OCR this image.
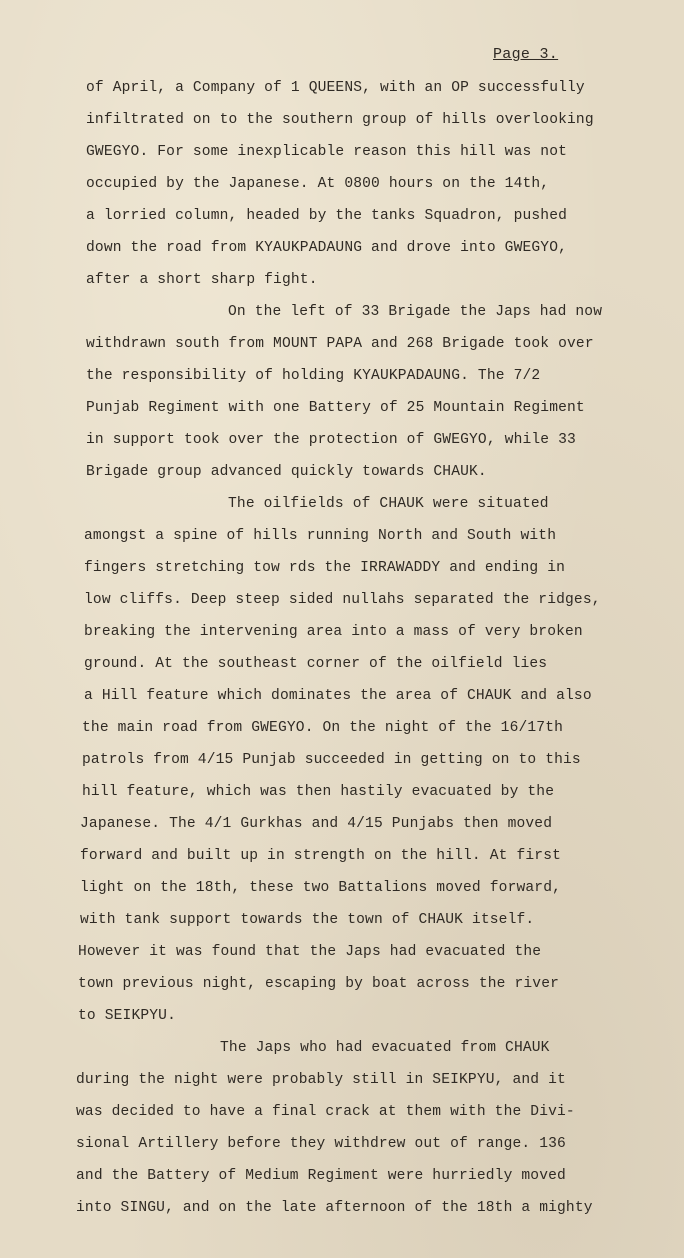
Page 3.
of April, a Company of 1 QUEENS, with an OP successfully
infiltrated on to the southern group of hills overlooking
GWEGYO. For some inexplicable reason this hill was not
occupied by the Japanese. At 0800 hours on the 14th,
a lorried column, headed by the tanks Squadron, pushed
down the road from KYAUKPADAUNG and drove into GWEGYO,
after a short sharp fight.
On the left of 33 Brigade the Japs had now
withdrawn south from MOUNT PAPA and 268 Brigade took over
the responsibility of holding KYAUKPADAUNG. The 7/2
Punjab Regiment with one Battery of 25 Mountain Regiment
in support took over the protection of GWEGYO, while 33
Brigade group advanced quickly towards CHAUK.
The oilfields of CHAUK were situated
amongst a spine of hills running North and South with
fingers stretching tow rds the IRRAWADDY and ending in
low cliffs. Deep steep sided nullahs separated the ridges,
breaking the intervening area into a mass of very broken
ground. At the southeast corner of the oilfield lies
a Hill feature which dominates the area of CHAUK and also
the main road from GWEGYO. On the night of the 16/17th
patrols from 4/15 Punjab succeeded in getting on to this
hill feature, which was then hastily evacuated by the
Japanese. The 4/1 Gurkhas and 4/15 Punjabs then moved
forward and built up in strength on the hill. At first
light on the 18th, these two Battalions moved forward,
with tank support towards the town of CHAUK itself.
However it was found that the Japs had evacuated the
town previous night, escaping by boat across the river
to SEIKPYU.
The Japs who had evacuated from CHAUK
during the night were probably still in SEIKPYU, and it
was decided to have a final crack at them with the Divi-
sional Artillery before they withdrew out of range. 136
and the Battery of Medium Regiment were hurriedly moved
into SINGU, and on the late afternoon of the 18th a mighty
